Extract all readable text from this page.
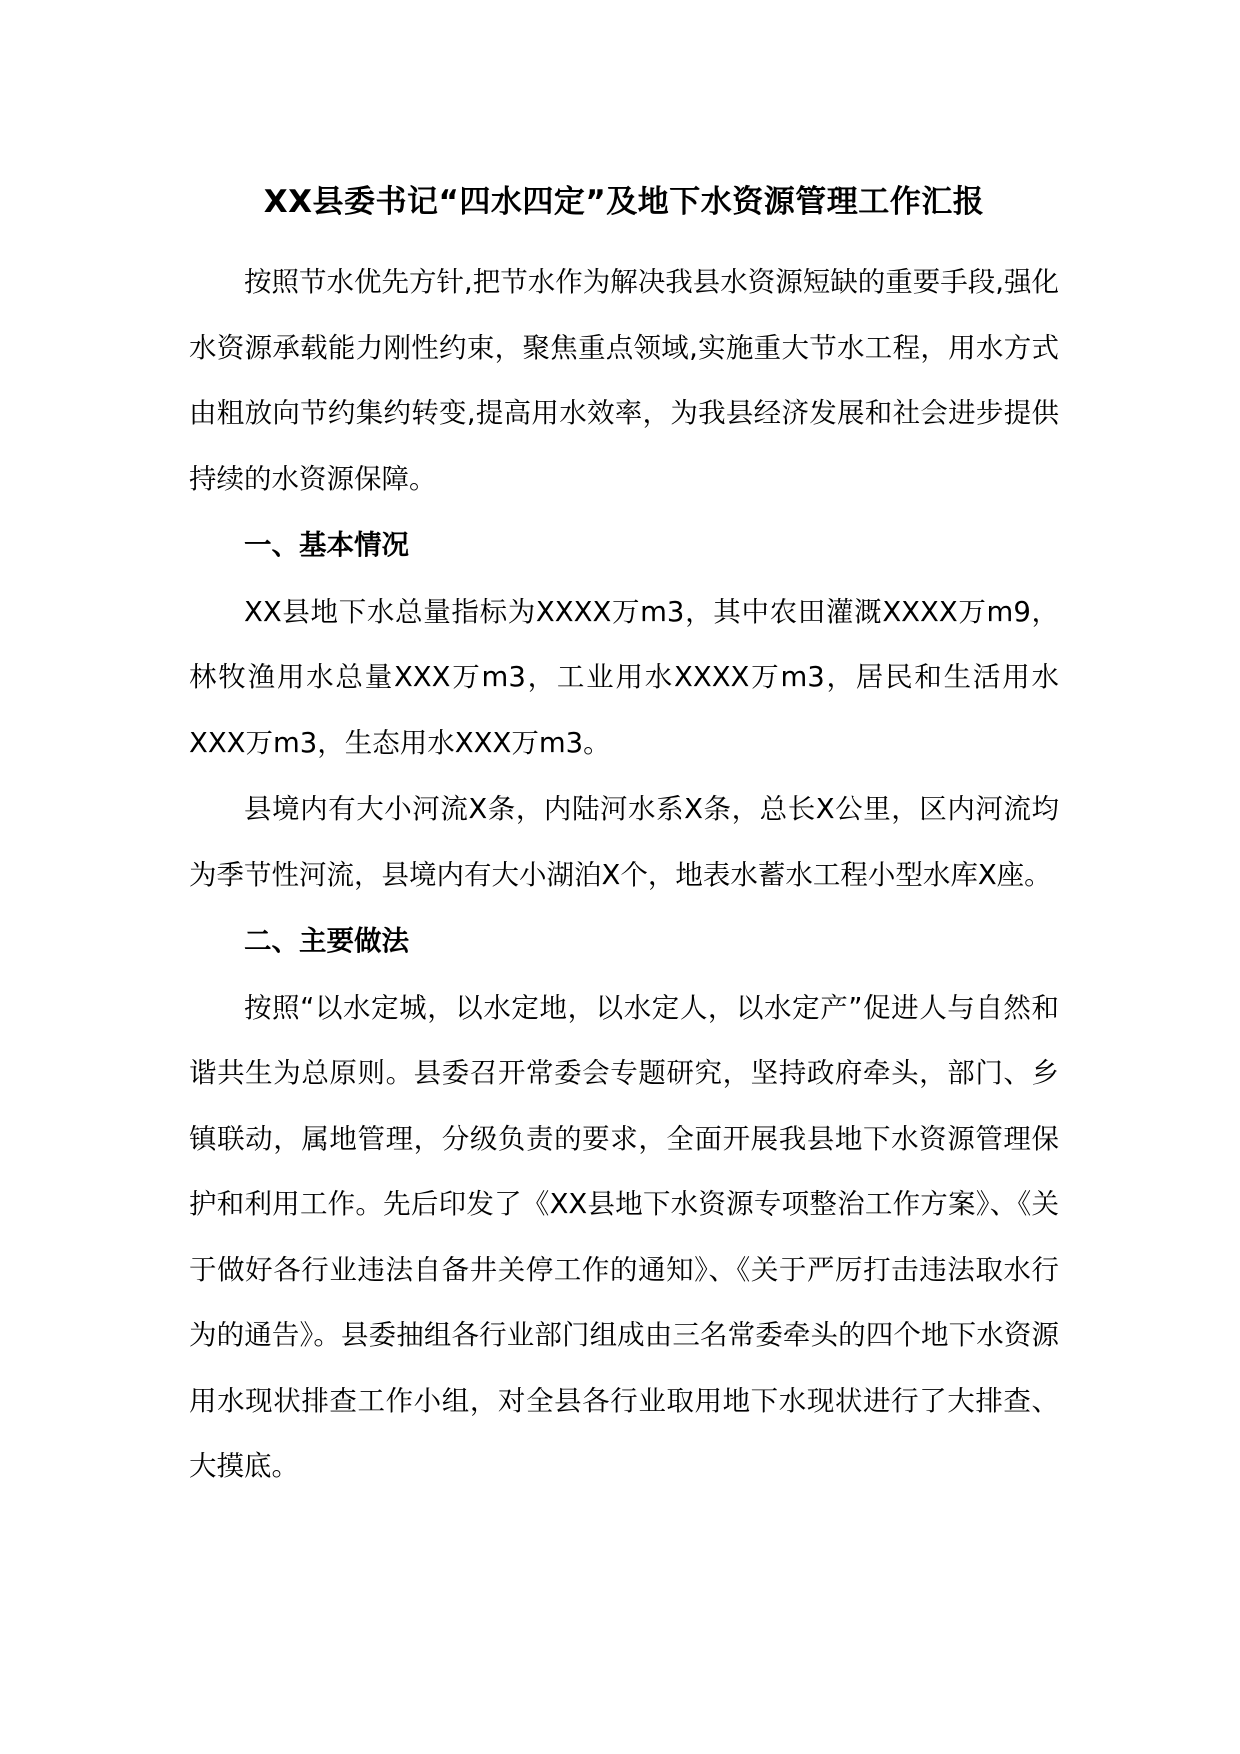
XX县委书记“四水四定”及地下水资源管理工作汇报

按照节水优先方针,把节水作为解决我县水资源短缺的重要手段,强化水资源承载能力刚性约束，聚焦重点领域,实施重大节水工程，用水方式由粗放向节约集约转变,提高用水效率，为我县经济发展和社会进步提供持续的水资源保障。

一、基本情况

XX县地下水总量指标为XXXX万m3，其中农田灌溉XXXX万m9，林牧渔用水总量XXX万m3，工业用水XXXX万m3，居民和生活用水XXX万m3，生态用水XXX万m3。

县境内有大小河流X条，内陆河水系X条，总长X公里，区内河流均为季节性河流，县境内有大小湖泊X个，地表水蓄水工程小型水库X座。

二、主要做法

按照“以水定城，以水定地，以水定人，以水定产”促进人与自然和谐共生为总原则。县委召开常委会专题研究，坚持政府牵头，部门、乡镇联动，属地管理，分级负责的要求，全面开展我县地下水资源管理保护和利用工作。先后印发了《XX县地下水资源专项整治工作方案》、《关于做好各行业违法自备井关停工作的通知》、《关于严厉打击违法取水行为的通告》。县委抽组各行业部门组成由三名常委牵头的四个地下水资源用水现状排查工作小组，对全县各行业取用地下水现状进行了大排查、大摸底。
